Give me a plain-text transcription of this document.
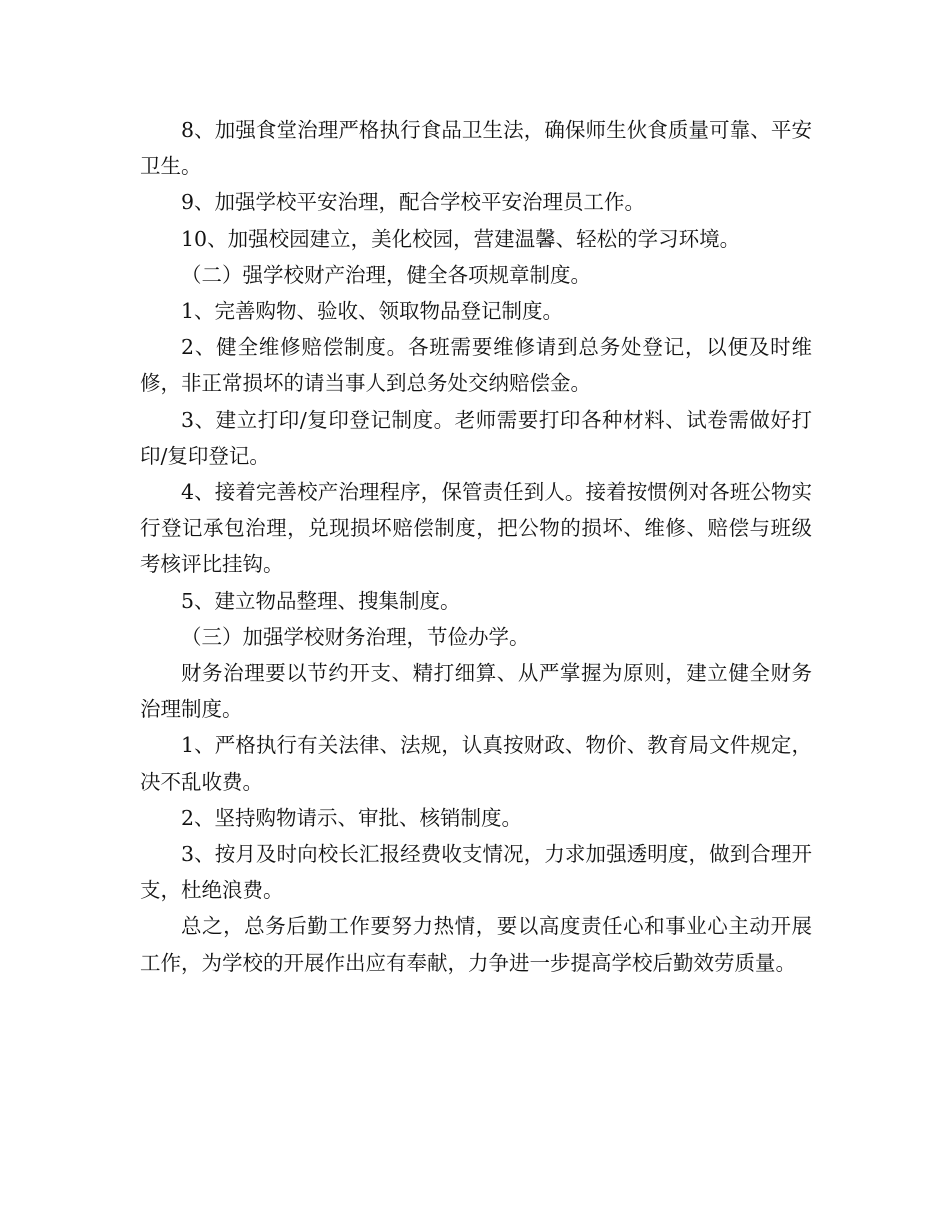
8、加强食堂治理严格执行食品卫生法，确保师生伙食质量可靠、平安卫生。

9、加强学校平安治理，配合学校平安治理员工作。

10、加强校园建立，美化校园，营建温馨、轻松的学习环境。

（二）强学校财产治理，健全各项规章制度。

1、完善购物、验收、领取物品登记制度。

2、健全维修赔偿制度。各班需要维修请到总务处登记，以便及时维修，非正常损坏的请当事人到总务处交纳赔偿金。

3、建立打印/复印登记制度。老师需要打印各种材料、试卷需做好打印/复印登记。

4、接着完善校产治理程序，保管责任到人。接着按惯例对各班公物实行登记承包治理，兑现损坏赔偿制度，把公物的损坏、维修、赔偿与班级考核评比挂钩。

5、建立物品整理、搜集制度。

（三）加强学校财务治理，节俭办学。

财务治理要以节约开支、精打细算、从严掌握为原则，建立健全财务治理制度。

1、严格执行有关法律、法规，认真按财政、物价、教育局文件规定，决不乱收费。

2、坚持购物请示、审批、核销制度。

3、按月及时向校长汇报经费收支情况，力求加强透明度，做到合理开支，杜绝浪费。

总之，总务后勤工作要努力热情，要以高度责任心和事业心主动开展工作，为学校的开展作出应有奉献，力争进一步提高学校后勤效劳质量。
